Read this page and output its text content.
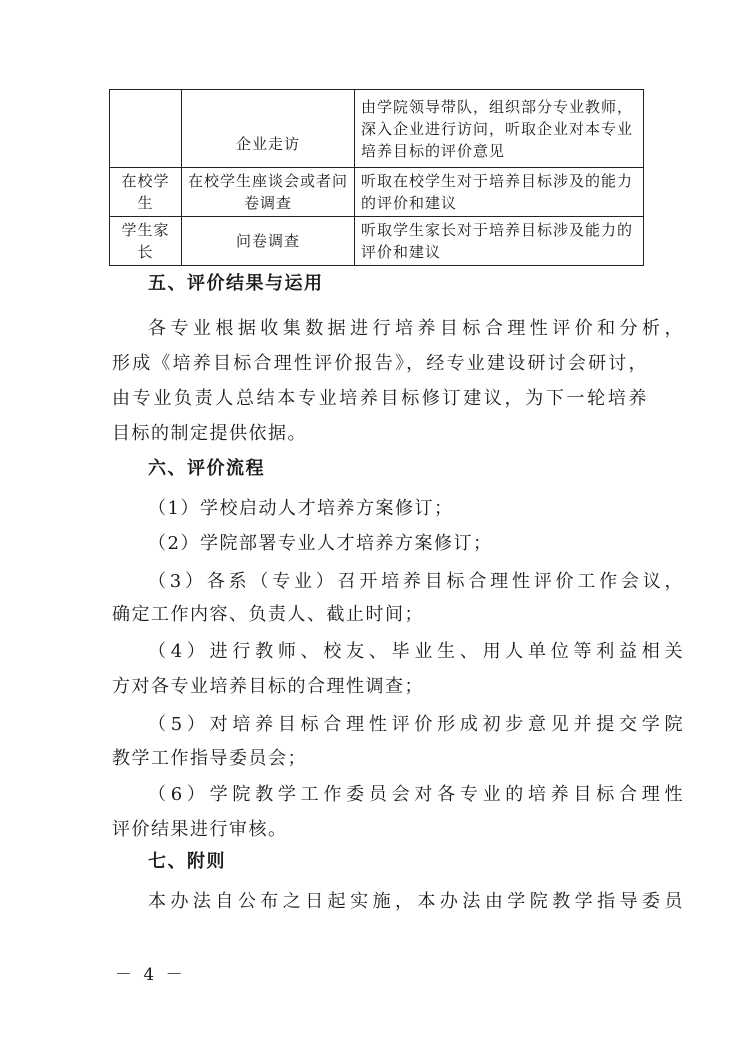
	企业走访	由学院领导带队，组织部分专业教师，深入企业进行访问，听取企业对本专业培养目标的评价意见
在校学生	在校学生座谈会或者问卷调查	听取在校学生对于培养目标涉及的能力的评价和建议
学生家长	问卷调查	听取学生家长对于培养目标涉及能力的评价和建议
五、评价结果与运用
各专业根据收集数据进行培养目标合理性评价和分析，
形成《培养目标合理性评价报告》，经专业建设研讨会研讨，
由专业负责人总结本专业培养目标修订建议，为下一轮培养
目标的制定提供依据。
六、评价流程
（1）学校启动人才培养方案修订；
（2）学院部署专业人才培养方案修订；
（3）各系（专业）召开培养目标合理性评价工作会议，
确定工作内容、负责人、截止时间；
（4）进行教师、校友、毕业生、用人单位等利益相关
方对各专业培养目标的合理性调查；
（5）对培养目标合理性评价形成初步意见并提交学院
教学工作指导委员会；
（6）学院教学工作委员会对各专业的培养目标合理性
评价结果进行审核。
七、附则
本办法自公布之日起实施，本办法由学院教学指导委员
－ 4 －
